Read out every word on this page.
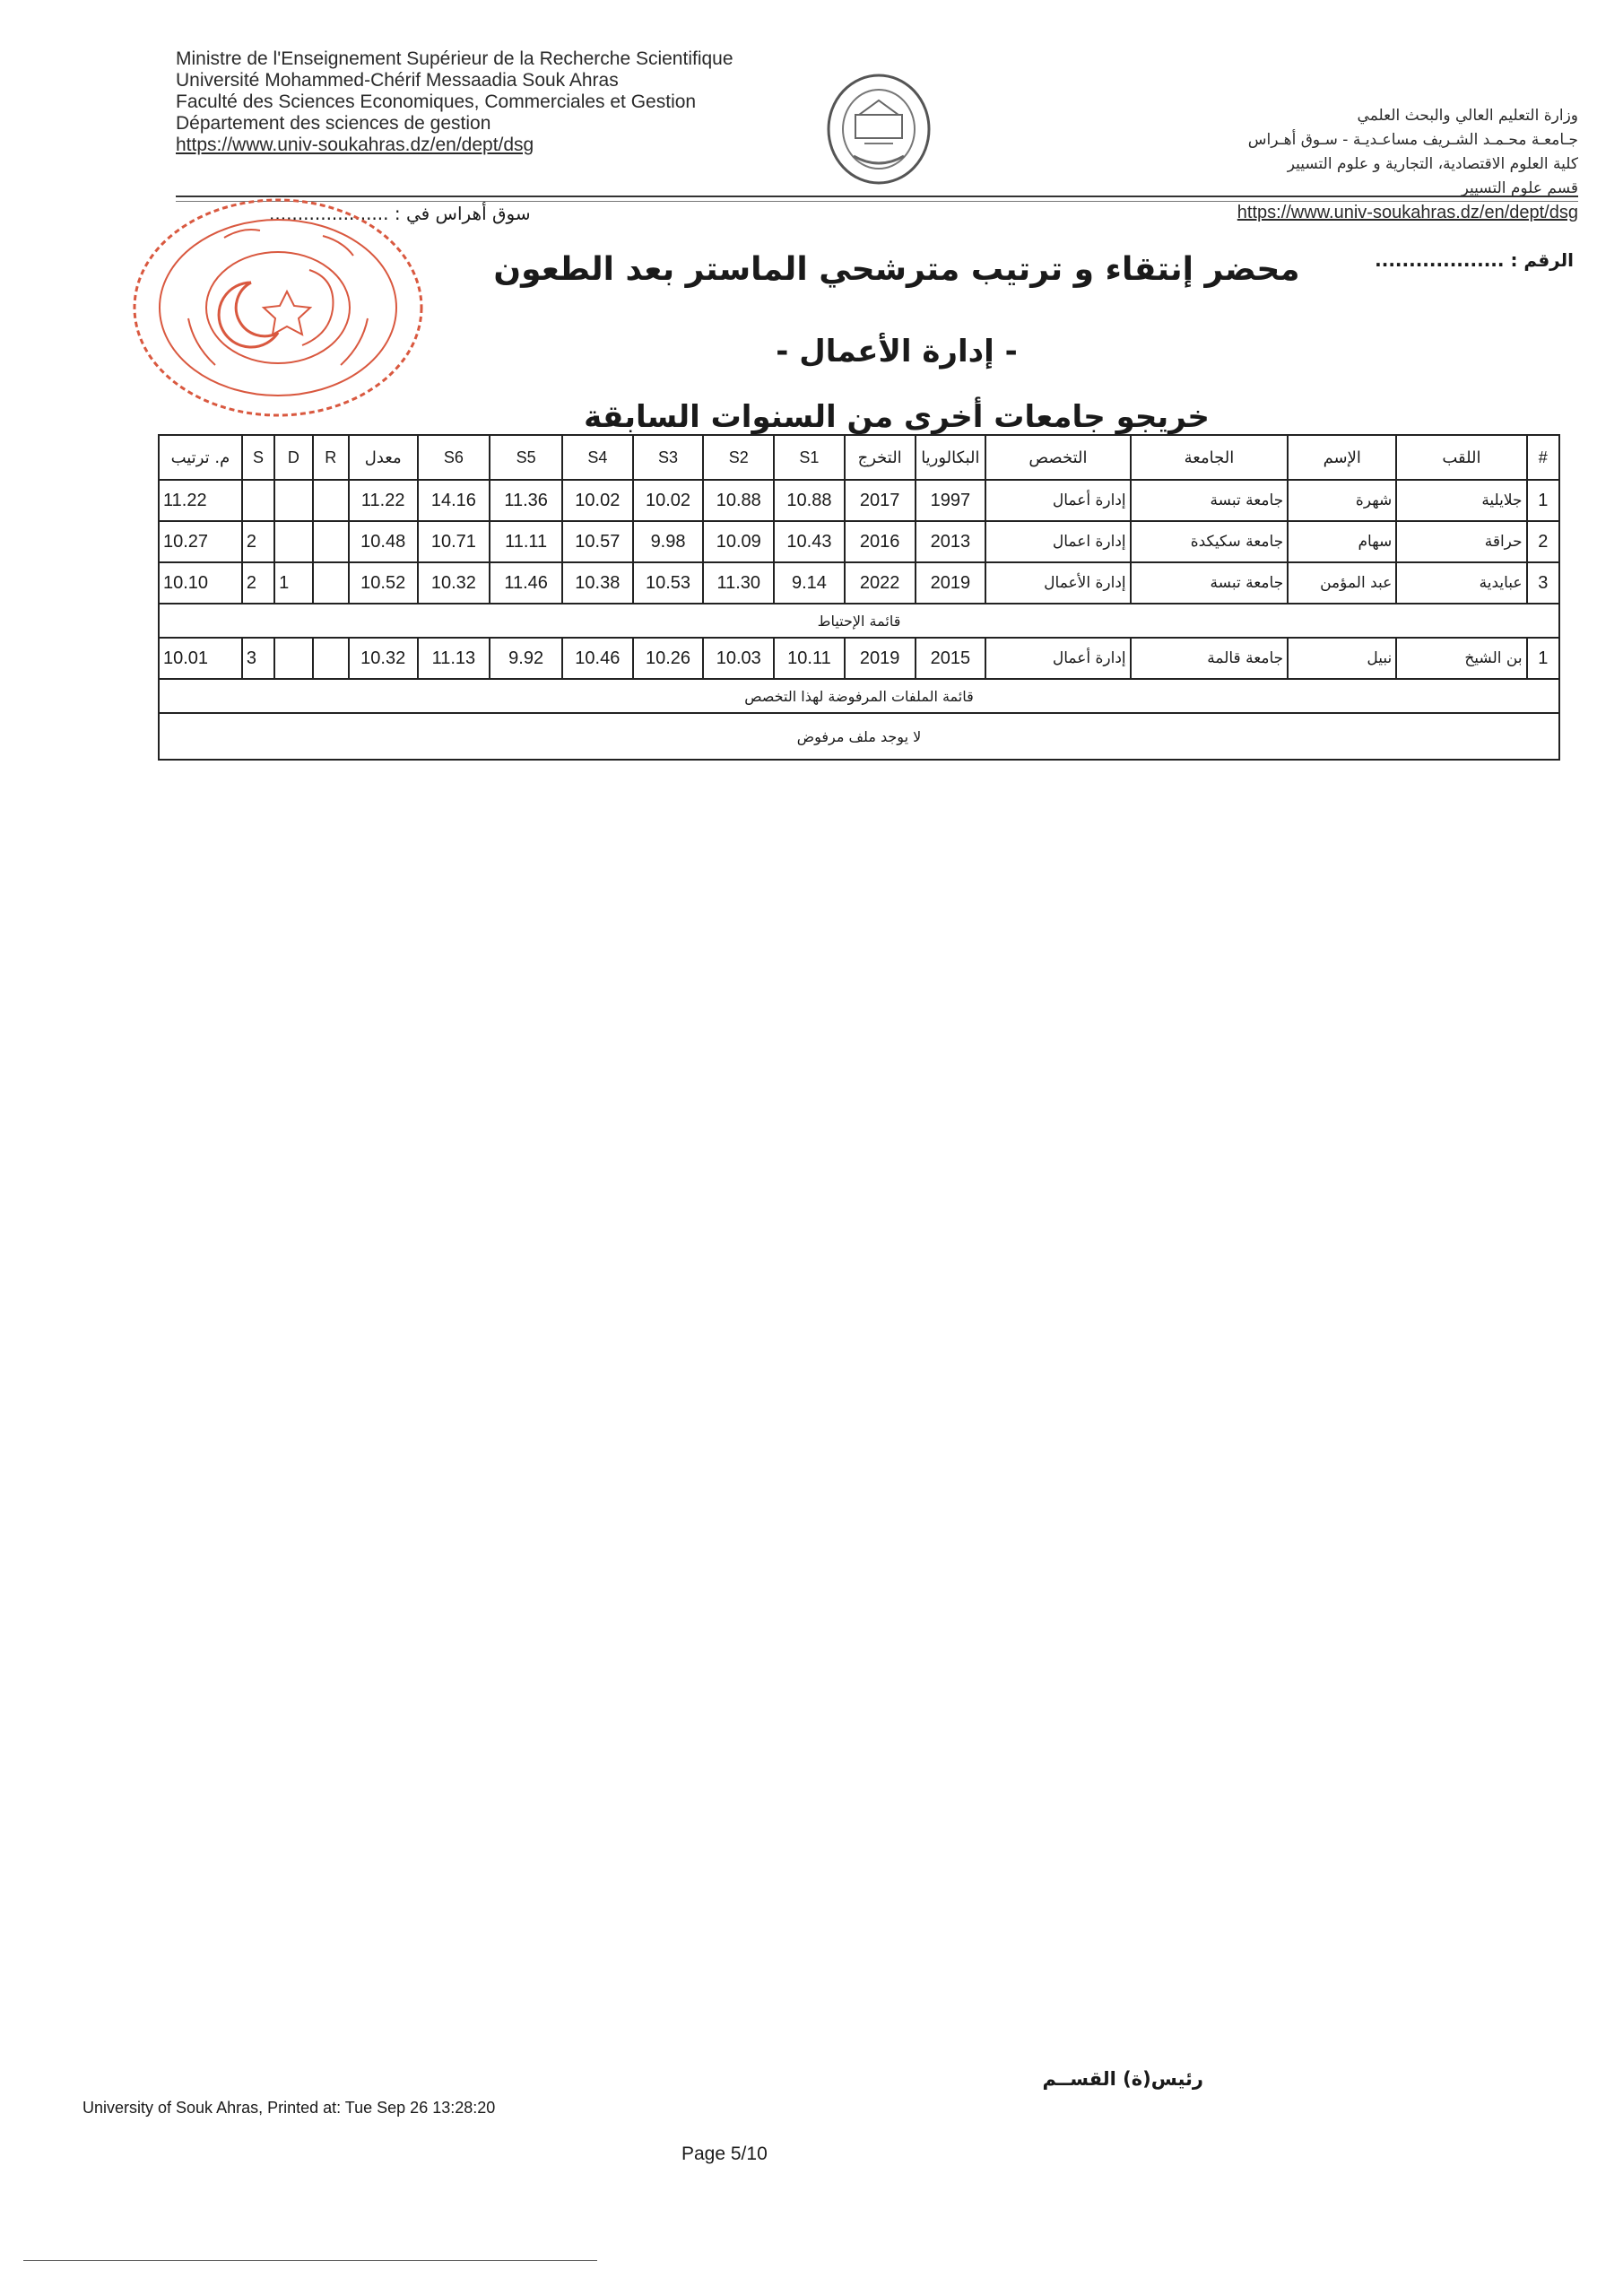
Ministre de l'Enseignement Supérieur de la Recherche Scientifique
Université Mohammed-Chérif Messaadia Souk Ahras
Faculté des Sciences Economiques, Commerciales et Gestion
Département des sciences de gestion
https://www.univ-soukahras.dz/en/dept/dsg
وزارة التعليم العالي والبحث العلمي
جـامعـة محـمـد الشـريف مساعـديـة - سـوق أهـراس
كلية العلوم الاقتصادية، التجارية و علوم التسيير
قسم علوم التسيير
https://www.univ-soukahras.dz/en/dept/dsg
سوق أهراس في : .....................
الرقم : ...................
محضر إنتقاء و ترتيب مترشحي الماستر بعد الطعون
- إدارة الأعمال -
خريجو جامعات أخرى من السنوات السابقة
م. ترتيب	S	D	R	معدل	S6	S5	S4	S3	S2	S1	التخرج	البكالوريا	التخصص	الجامعة	الإسم	اللقب	#
11.22				11.22	14.16	11.36	10.02	10.02	10.88	10.88	2017	1997	إدارة أعمال	جامعة تبسة	شهرة	جلايلية	1
10.27	2			10.48	10.71	11.11	10.57	9.98	10.09	10.43	2016	2013	إدارة اعمال	جامعة سكيكدة	سهام	حراقة	2
10.10	2	1		10.52	10.32	11.46	10.38	10.53	11.30	9.14	2022	2019	إدارة الأعمال	جامعة تبسة	عبد المؤمن	عبايدية	3
قائمة الإحتياط																	
10.01	3			10.32	11.13	9.92	10.46	10.26	10.03	10.11	2019	2015	إدارة أعمال	جامعة قالمة	نبيل	بن الشيخ	1
قائمة الملفات المرفوضة لهذا التخصص																	
لا يوجد ملف مرفوض																	
رئيس(ة) القســم
University of Souk Ahras, Printed at: Tue Sep 26 13:28:20
Page 5/10
